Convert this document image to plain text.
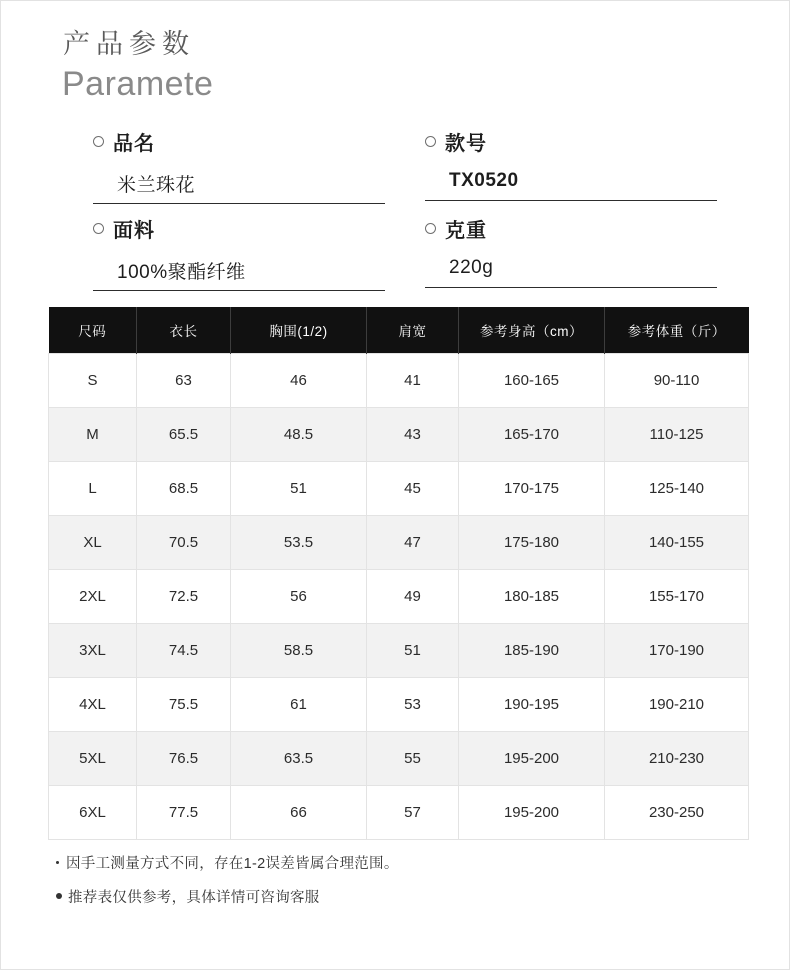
产品参数
Paramete
品名
米兰珠花
款号
TX0520
面料
100%聚酯纤维
克重
220g
尺码	衣长	胸围(1/2)	肩宽	参考身高（cm）	参考体重（斤）
S	63	46	41	160-165	90-110
M	65.5	48.5	43	165-170	110-125
L	68.5	51	45	170-175	125-140
XL	70.5	53.5	47	175-180	140-155
2XL	72.5	56	49	180-185	155-170
3XL	74.5	58.5	51	185-190	170-190
4XL	75.5	61	53	190-195	190-210
5XL	76.5	63.5	55	195-200	210-230
6XL	77.5	66	57	195-200	230-250
因手工测量方式不同，存在1-2误差皆属合理范围。
推荐表仅供参考，具体详情可咨询客服
